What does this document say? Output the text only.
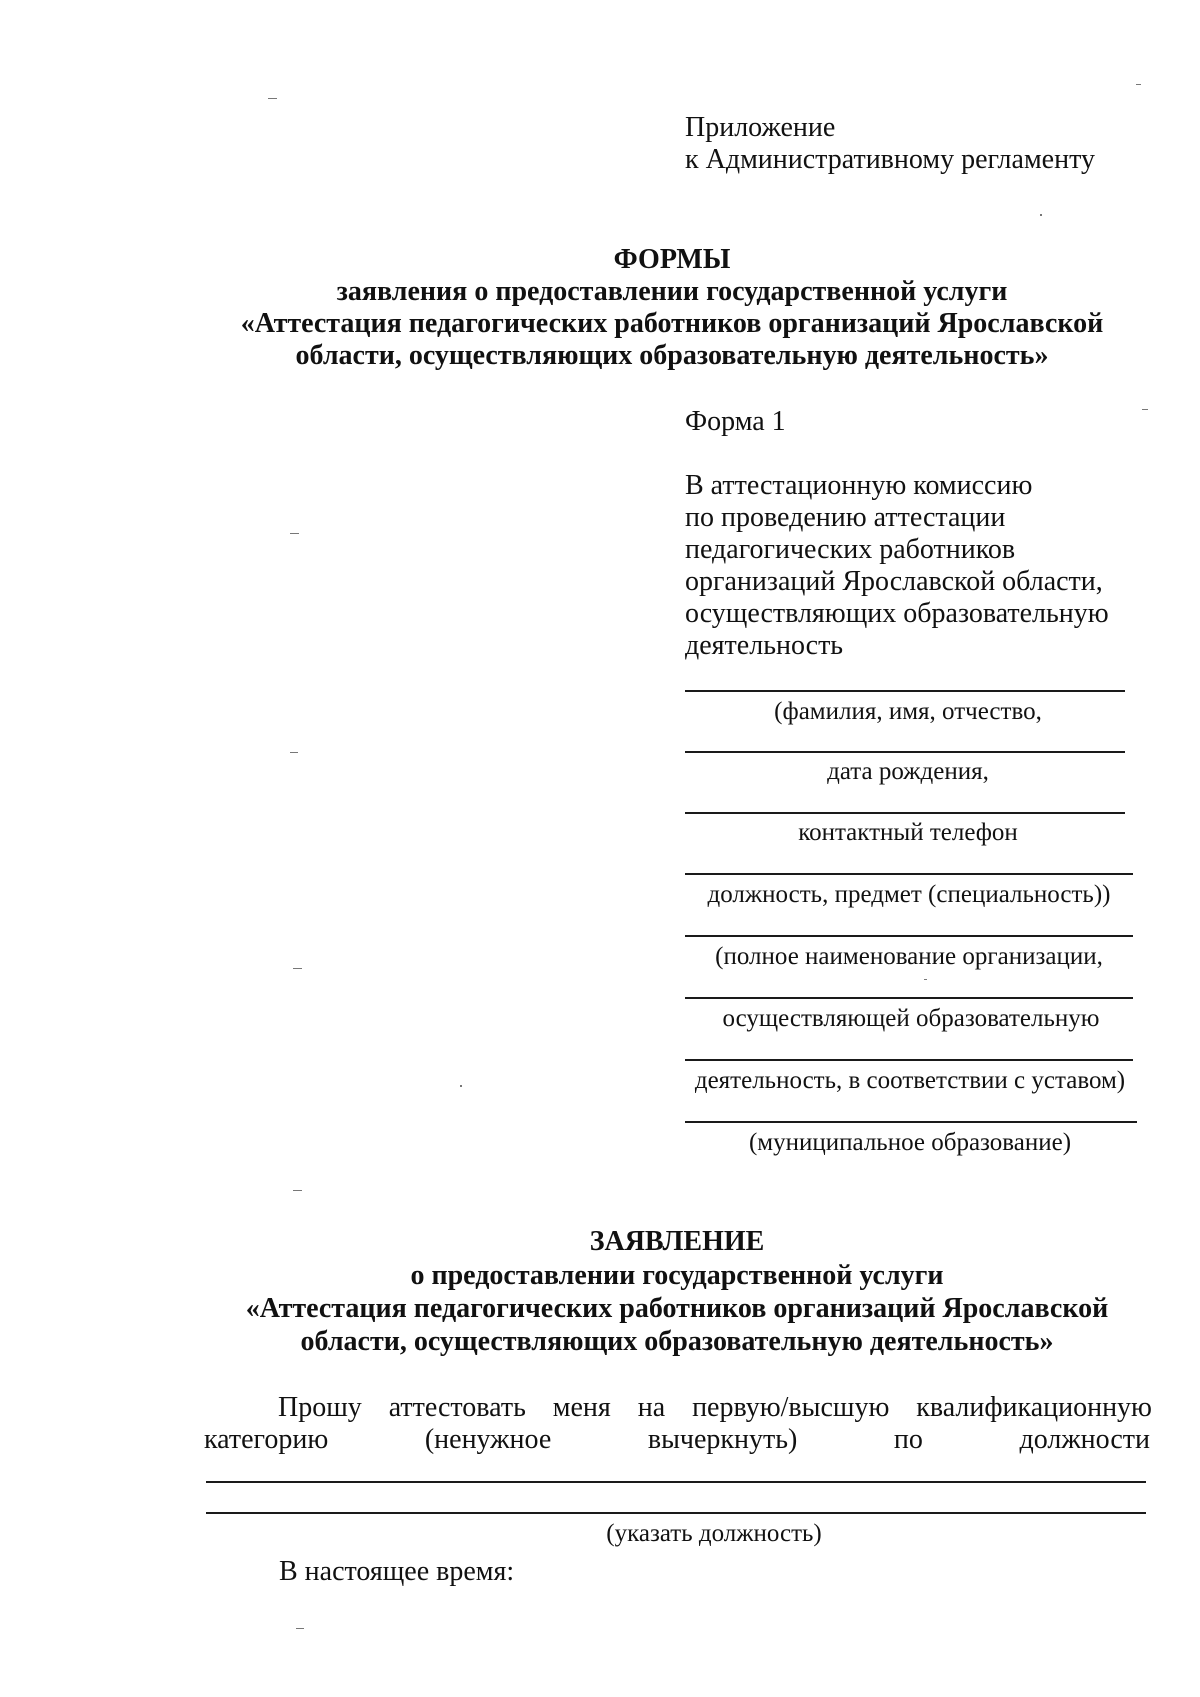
Приложение
к Административному регламенту
ФОРМЫ
заявления о предоставлении государственной услуги
«Аттестация педагогических работников организаций Ярославской
области, осуществляющих образовательную деятельность»
Форма 1
В аттестационную комиссию
по проведению аттестации
педагогических работников
организаций Ярославской области,
осуществляющих образовательную
деятельность
(фамилия, имя, отчество,
дата рождения,
контактный телефон
должность, предмет (специальность))
(полное наименование организации,
осуществляющей образовательную
деятельность, в соответствии с уставом)
(муниципальное образование)
ЗАЯВЛЕНИЕ
о предоставлении государственной услуги
«Аттестация педагогических работников организаций Ярославской
области, осуществляющих образовательную деятельность»
Прошу аттестовать меня на первую/высшую квалификационную
категорию	(ненужное	вычеркнуть)	по	должности
(указать должность)
В настоящее время:
